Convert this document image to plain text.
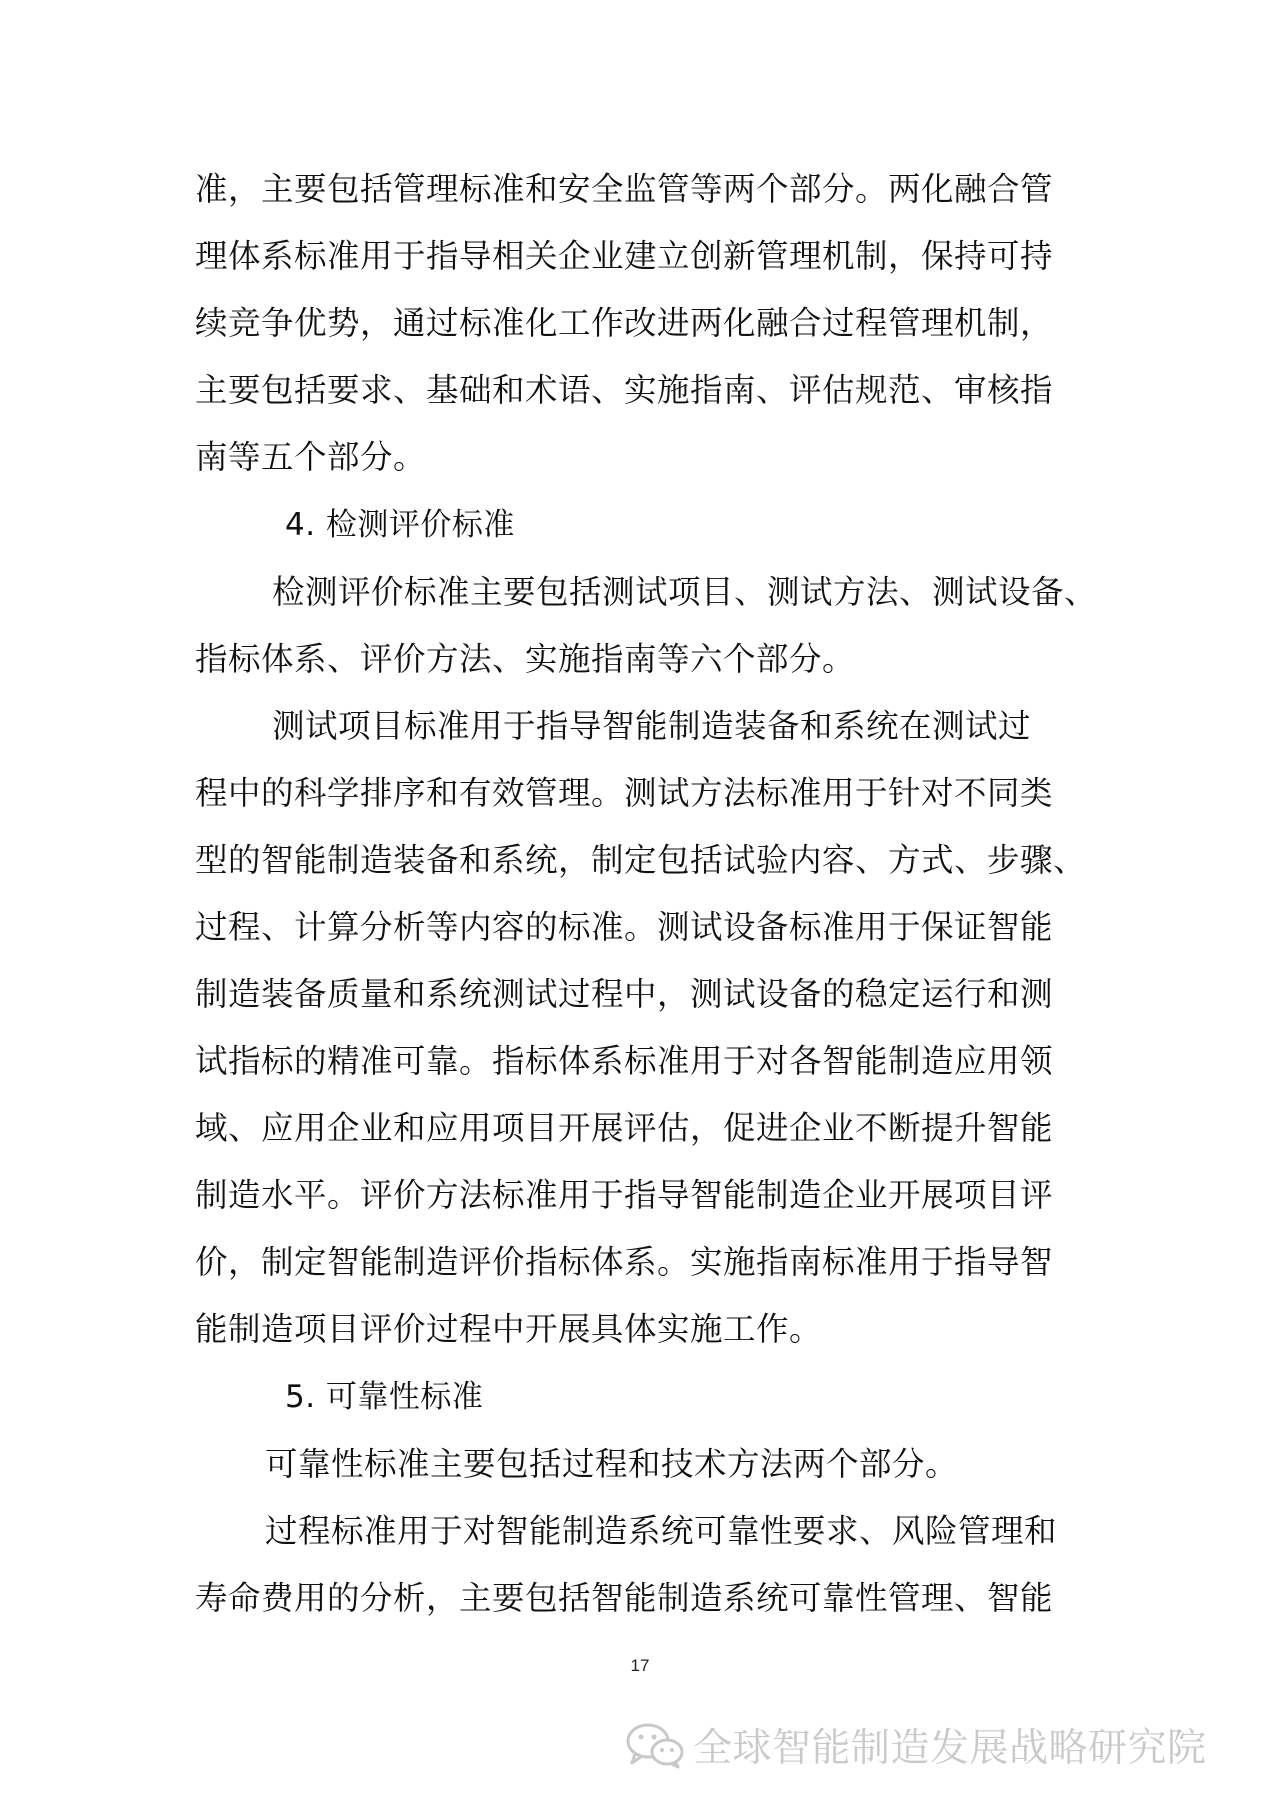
准，主要包括管理标准和安全监管等两个部分。两化融合管
理体系标准用于指导相关企业建立创新管理机制，保持可持
续竞争优势，通过标准化工作改进两化融合过程管理机制，
主要包括要求、基础和术语、实施指南、评估规范、审核指
南等五个部分。
4. 检测评价标准
检测评价标准主要包括测试项目、测试方法、测试设备、
指标体系、评价方法、实施指南等六个部分。
测试项目标准用于指导智能制造装备和系统在测试过
程中的科学排序和有效管理。测试方法标准用于针对不同类
型的智能制造装备和系统，制定包括试验内容、方式、步骤、
过程、计算分析等内容的标准。测试设备标准用于保证智能
制造装备质量和系统测试过程中，测试设备的稳定运行和测
试指标的精准可靠。指标体系标准用于对各智能制造应用领
域、应用企业和应用项目开展评估，促进企业不断提升智能
制造水平。评价方法标准用于指导智能制造企业开展项目评
价，制定智能制造评价指标体系。实施指南标准用于指导智
能制造项目评价过程中开展具体实施工作。
5. 可靠性标准
可靠性标准主要包括过程和技术方法两个部分。
过程标准用于对智能制造系统可靠性要求、风险管理和
寿命费用的分析，主要包括智能制造系统可靠性管理、智能
17
全球智能制造发展战略研究院
